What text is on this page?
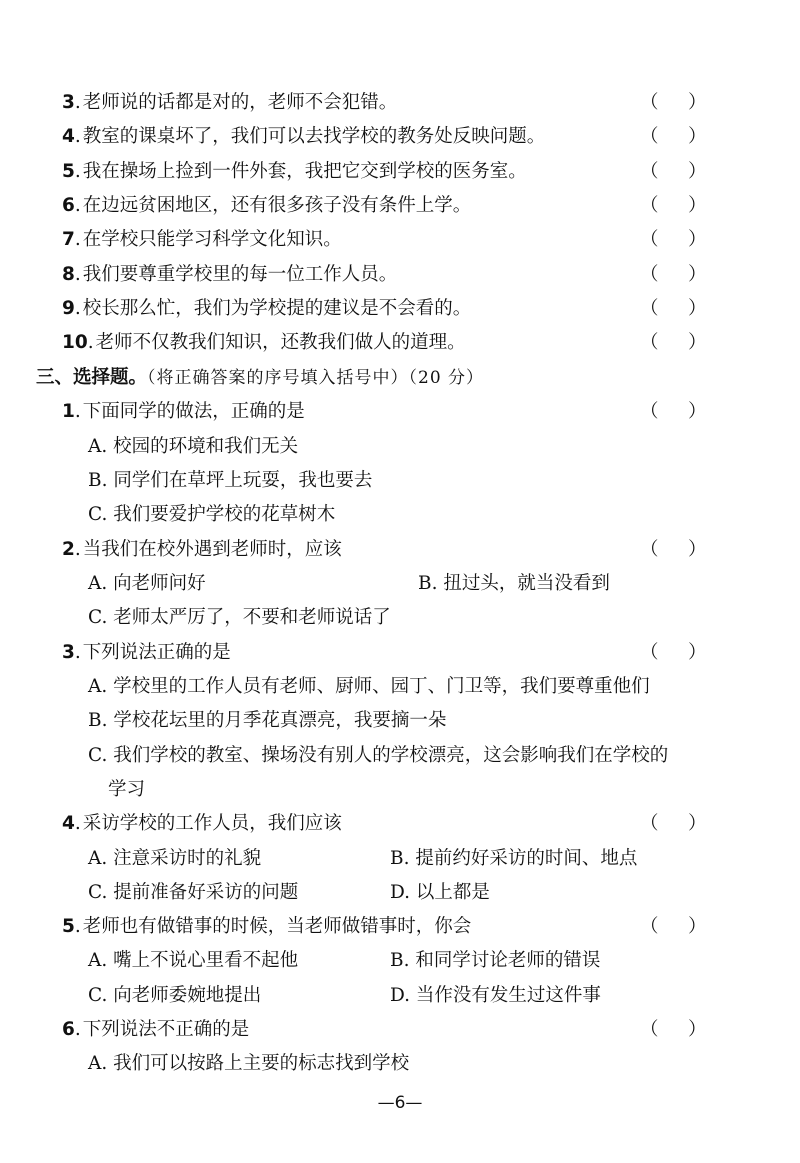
3. 老师说的话都是对的，老师不会犯错。	（ ）
4. 教室的课桌坏了，我们可以去找学校的教务处反映问题。	（ ）
5. 我在操场上捡到一件外套，我把它交到学校的医务室。	（ ）
6. 在边远贫困地区，还有很多孩子没有条件上学。	（ ）
7. 在学校只能学习科学文化知识。	（ ）
8. 我们要尊重学校里的每一位工作人员。	（ ）
9. 校长那么忙，我们为学校提的建议是不会看的。	（ ）
10. 老师不仅教我们知识，还教我们做人的道理。	（ ）
三、选择题。（将正确答案的序号填入括号中）（20 分）
1. 下面同学的做法，正确的是	（ ）
A. 校园的环境和我们无关
B. 同学们在草坪上玩耍，我也要去
C. 我们要爱护学校的花草树木
2. 当我们在校外遇到老师时，应该	（ ）
A. 向老师问好	B. 扭过头，就当没看到
C. 老师太严厉了，不要和老师说话了
3. 下列说法正确的是	（ ）
A. 学校里的工作人员有老师、厨师、园丁、门卫等，我们要尊重他们
B. 学校花坛里的月季花真漂亮，我要摘一朵
C. 我们学校的教室、操场没有别人的学校漂亮，这会影响我们在学校的
学习
4. 采访学校的工作人员，我们应该	（ ）
A. 注意采访时的礼貌	B. 提前约好采访的时间、地点
C. 提前准备好采访的问题	D. 以上都是
5. 老师也有做错事的时候，当老师做错事时，你会	（ ）
A. 嘴上不说心里看不起他	B. 和同学讨论老师的错误
C. 向老师委婉地提出	D. 当作没有发生过这件事
6. 下列说法不正确的是	（ ）
A. 我们可以按路上主要的标志找到学校
—6—
